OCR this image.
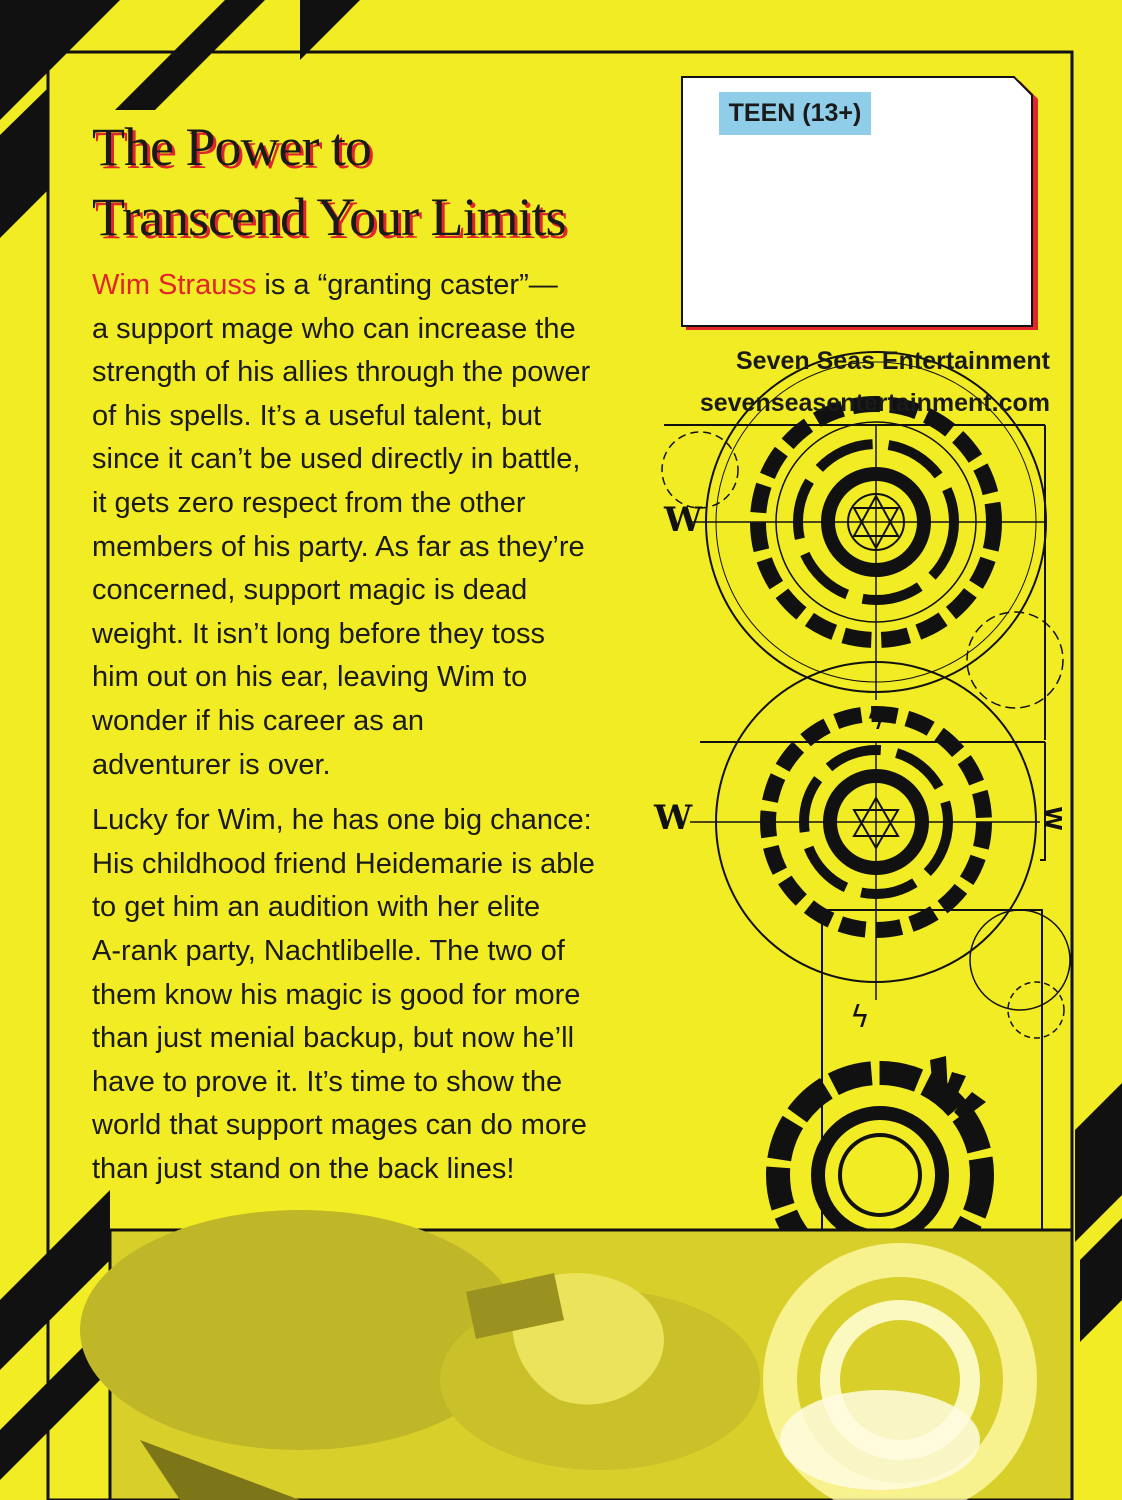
The Power to
Transcend Your Limits

Wim Strauss is a “granting caster”—
a support mage who can increase the
strength of his allies through the power
of his spells. It’s a useful talent, but
since it can’t be used directly in battle,
it gets zero respect from the other
members of his party. As far as they’re
concerned, support magic is dead
weight. It isn’t long before they toss
him out on his ear, leaving Wim to
wonder if his career as an
adventurer is over.

Lucky for Wim, he has one big chance:
His childhood friend Heidemarie is able
to get him an audition with her elite
A-rank party, Nachtlibelle. The two of
them know his magic is good for more
than just menial backup, but now he’ll
have to prove it. It’s time to show the
world that support mages can do more
than just stand on the back lines!

TEEN (13+)
Seven Seas Entertainment
sevenseasentertainment.com
W
W
ϟ
ϟ
W
